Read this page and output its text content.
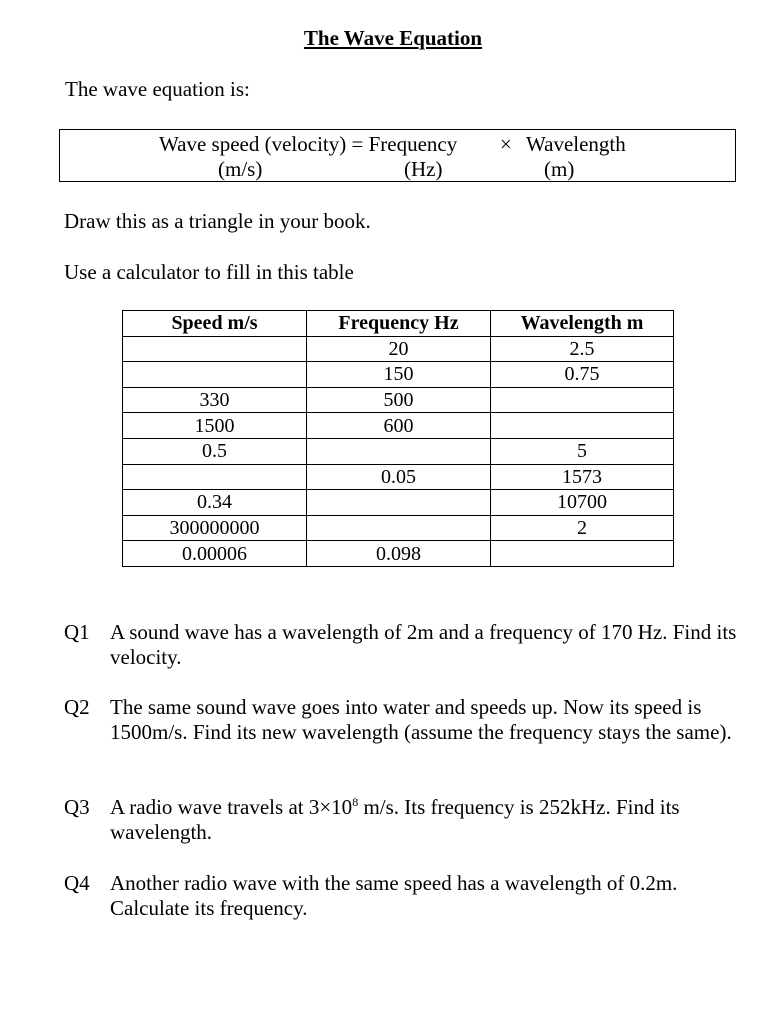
The Wave Equation
The wave equation is:
Wave speed (velocity) = Frequency × Wavelength
(m/s)	(Hz)	(m)
Draw this as a triangle in your book.
Use a calculator to fill in this table
Speed m/s	Frequency Hz	Wavelength m
	20	2.5
	150	0.75
330	500	
1500	600	
0.5		5
	0.05	1573
0.34		10700
300000000		2
0.00006	0.098	
Q1 A sound wave has a wavelength of 2m and a frequency of 170 Hz. Find its velocity.
Q2 The same sound wave goes into water and speeds up. Now its speed is 1500m/s. Find its new wavelength (assume the frequency stays the same).
Q3 A radio wave travels at $3\times 10^8$ m/s. Its frequency is 252kHz. Find its wavelength.
Q4 Another radio wave with the same speed has a wavelength of 0.2m. Calculate its frequency.
